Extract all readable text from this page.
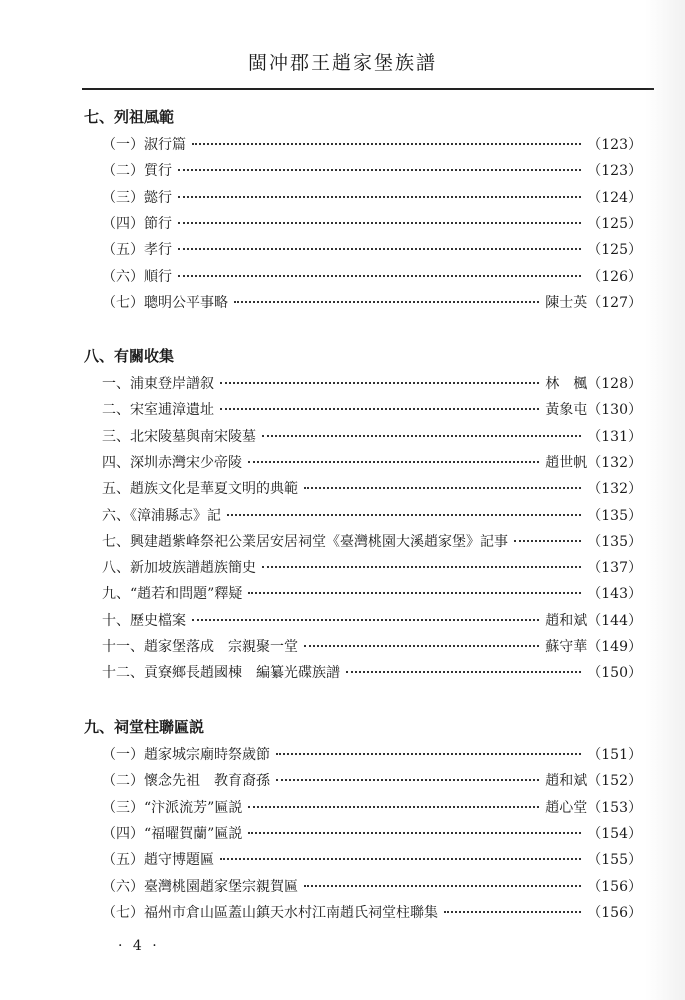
閩冲郡王趙家堡族譜
七、列祖風範
（一）淑行篇	（123）
（二）質行	（123）
（三）懿行	（124）
（四）節行	（125）
（五）孝行	（125）
（六）順行	（126）
（七）聰明公平事略	陳士英 （127）
八、有關收集
一、浦東登岸譜叙	林　楓 （128）
二、宋室逋漳遺址	黃象屯 （130）
三、北宋陵墓與南宋陵墓	（131）
四、深圳赤灣宋少帝陵	趙世帆 （132）
五、趙族文化是華夏文明的典範	（132）
六、《漳浦縣志》記	（135）
七、興建趙紫峰祭祀公業居安居祠堂《臺灣桃園大溪趙家堡》記事	（135）
八、新加坡族譜趙族簡史	（137）
九、“趙若和問題”釋疑	（143）
十、歷史檔案	趙和斌 （144）
十一、趙家堡落成　宗親聚一堂	蘇守華 （149）
十二、貢寮鄉長趙國棟　編纂光碟族譜	（150）
九、祠堂柱聯匾説
（一）趙家城宗廟時祭歲節	（151）
（二）懷念先祖　教育裔孫	趙和斌 （152）
（三）“汴派流芳”匾説	趙心堂 （153）
（四）“福曜賀蘭”匾説	（154）
（五）趙守博題匾	（155）
（六）臺灣桃園趙家堡宗親賀匾	（156）
（七）福州市倉山區蓋山鎮天水村江南趙氏祠堂柱聯集	（156）
· 4 ·
